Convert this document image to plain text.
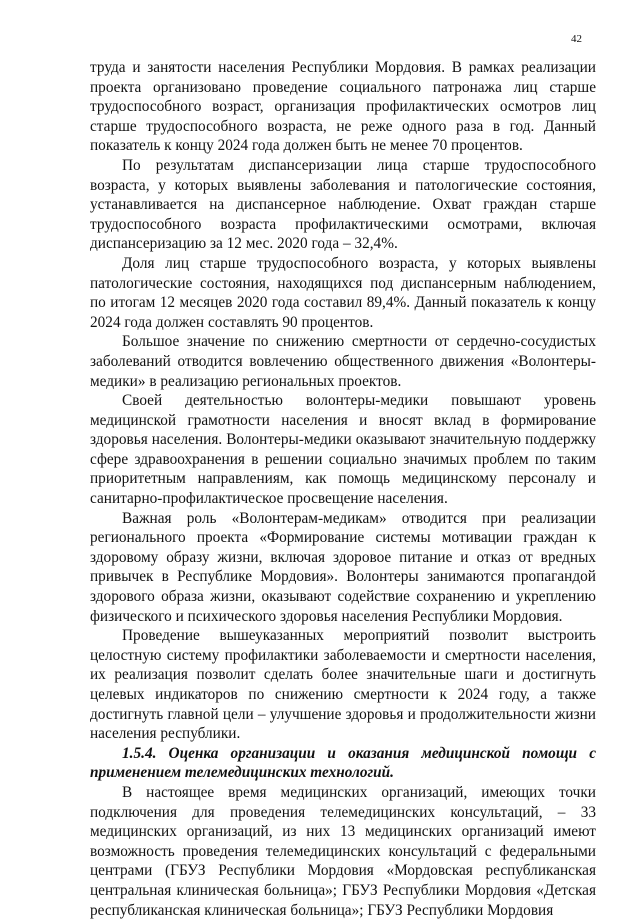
42

труда и занятости населения Республики Мордовия. В рамках реализации проекта организовано проведение социального патронажа лиц старше трудоспособного возраст, организация профилактических осмотров лиц старше трудоспособного возраста, не реже одного раза в год. Данный показатель к концу 2024 года должен быть не менее 70 процентов.

По результатам диспансеризации лица старше трудоспособного возраста, у которых выявлены заболевания и патологические состояния, устанавливается на диспансерное наблюдение. Охват граждан старше трудоспособного возраста профилактическими осмотрами, включая диспансеризацию за 12 мес. 2020 года – 32,4%.

Доля лиц старше трудоспособного возраста, у которых выявлены патологические состояния, находящихся под диспансерным наблюдением, по итогам 12 месяцев 2020 года составил 89,4%. Данный показатель к концу 2024 года должен составлять 90 процентов.

Большое значение по снижению смертности от сердечно-сосудистых заболеваний отводится вовлечению общественного движения «Волонтеры-медики» в реализацию региональных проектов.

Своей деятельностью волонтеры-медики повышают уровень медицинской грамотности населения и вносят вклад в формирование здоровья населения. Волонтеры-медики оказывают значительную поддержку сфере здравоохранения в решении социально значимых проблем по таким приоритетным направлениям, как помощь медицинскому персоналу и санитарно-профилактическое просвещение населения.

Важная роль «Волонтерам-медикам» отводится при реализации регионального проекта «Формирование системы мотивации граждан к здоровому образу жизни, включая здоровое питание и отказ от вредных привычек в Республике Мордовия». Волонтеры занимаются пропагандой здорового образа жизни, оказывают содействие сохранению и укреплению физического и психического здоровья населения Республики Мордовия.

Проведение вышеуказанных мероприятий позволит выстроить целостную систему профилактики заболеваемости и смертности населения, их реализация позволит сделать более значительные шаги и достигнуть целевых индикаторов по снижению смертности к 2024 году, а также достигнуть главной цели – улучшение здоровья и продолжительности жизни населения республики.

1.5.4. Оценка организации и оказания медицинской помощи с применением телемедицинских технологий.

В настоящее время медицинских организаций, имеющих точки подключения для проведения телемедицинских консультаций, – 33 медицинских организаций, из них 13 медицинских организаций имеют возможность проведения телемедицинских консультаций с федеральными центрами (ГБУЗ Республики Мордовия «Мордовская республиканская центральная клиническая больница»; ГБУЗ Республики Мордовия «Детская республиканская клиническая больница»; ГБУЗ Республики Мордовия
